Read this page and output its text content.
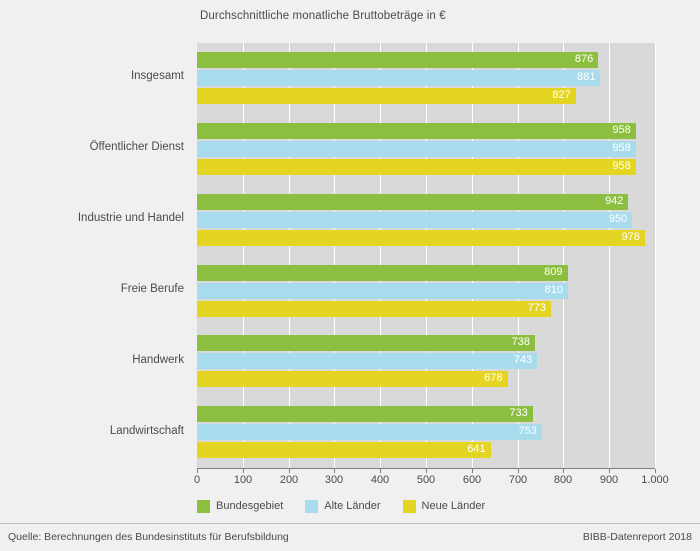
Durchschnittliche monatliche Bruttobeträge in €
Insgesamt
Öffentlicher Dienst
Industrie und Handel
Freie Berufe
Handwerk
Landwirtschaft
876
881
827
958
958
958
942
950
978
809
810
773
738
743
678
733
753
641
0	100	200 300	400	500	600	700 800	900 1.000
Bundesgebiet	Alte Länder	Neue Länder
Quelle: Berechnungen des Bundesinstituts für Berufsbildung	BIBB-Datenreport 2018
